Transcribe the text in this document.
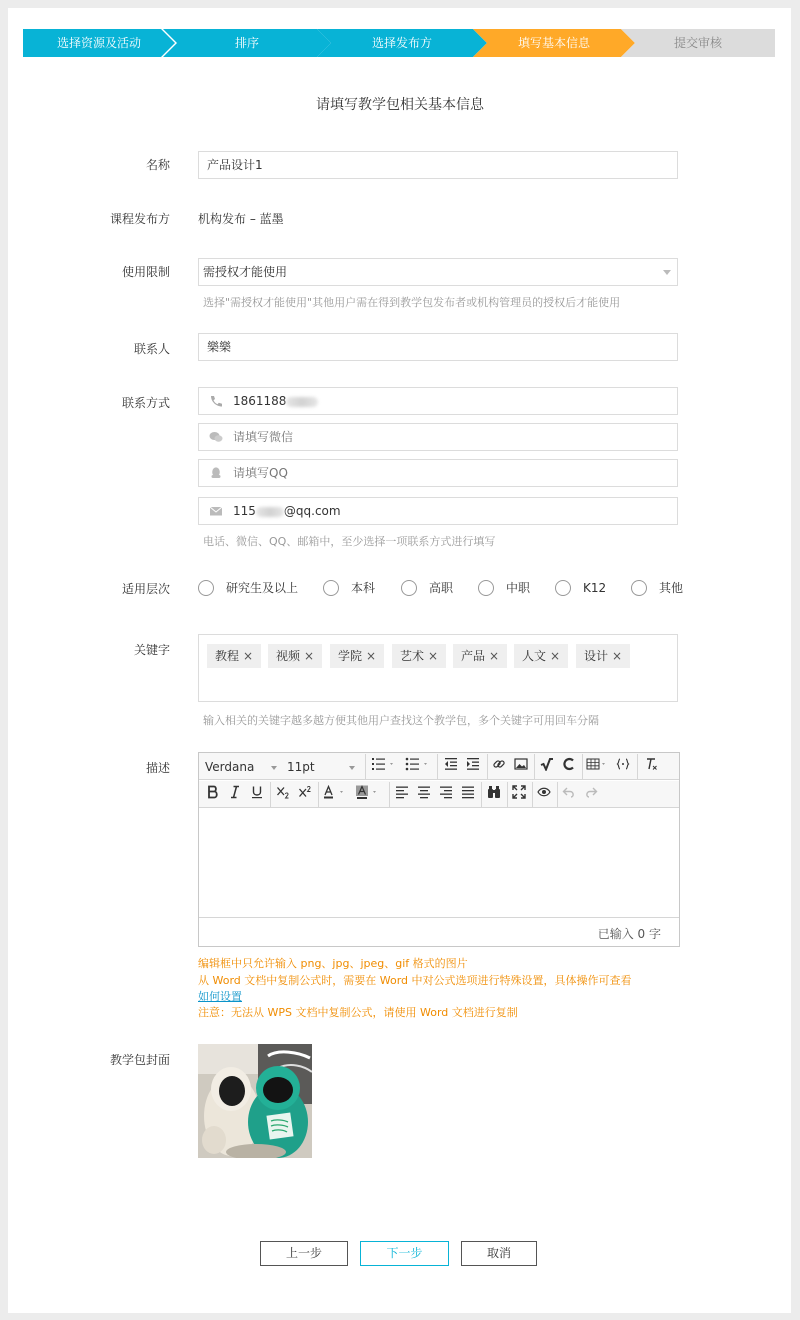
选择资源及活动	排序	选择发布方	填写基本信息	提交审核
请填写教学包相关基本信息
名称	产品设计1
课程发布方 机构发布 – 蓝墨
使用限制	需授权才能使用
选择"需授权才能使用"其他用户需在得到教学包发布者或机构管理员的授权后才能使用
联系人	樂樂
联系方式	1861188
请填写微信
请填写QQ
115 @qq.com
电话、微信、QQ、邮箱中，至少选择一项联系方式进行填写
适用层次	研究生及以上	本科	高职	中职	K12	其他
关键字	教程 ×	视频 ×	学院 ×	艺术 ×	产品 ×	人文 ×	设计 ×
输入相关的关键字越多越方便其他用户查找这个教学包，多个关键字可用回车分隔
描述	Verdana	11pt
已输入 0 字
编辑框中只允许输入 png、jpg、jpeg、gif 格式的图片
从 Word 文档中复制公式时，需要在 Word 中对公式选项进行特殊设置，具体操作可查看
如何设置
注意：无法从 WPS 文档中复制公式，请使用 Word 文档进行复制
教学包封面
上一步	下一步	取消
